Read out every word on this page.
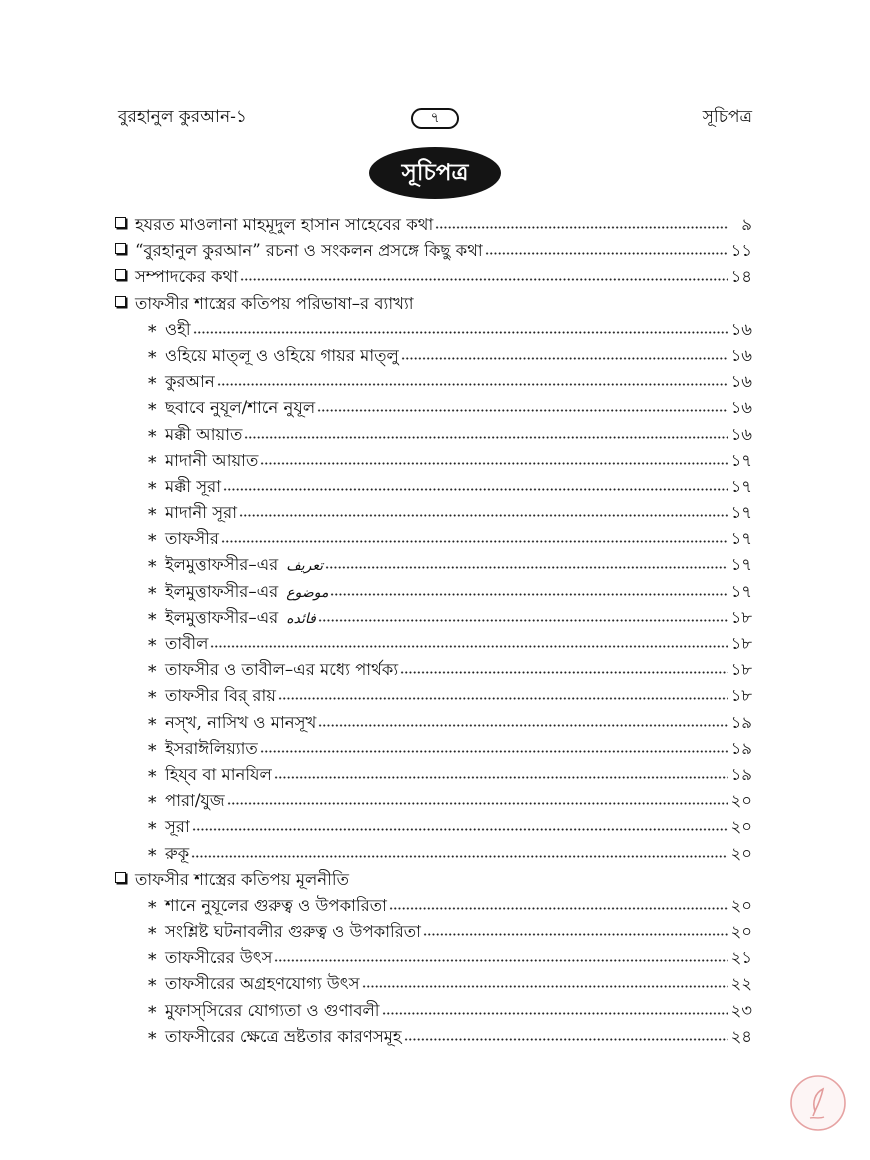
বুরহানুল কুরআন-১	৭	সূচিপত্র
সূচিপত্র
হযরত মাওলানা মাহমূদুল হাসান সাহেবের কথা	৯
“বুরহানুল কুরআন” রচনা ও সংকলন প্রসঙ্গে কিছু কথা	১১
সম্পাদকের কথা	১৪
তাফসীর শাস্ত্রের কতিপয় পরিভাষা–র ব্যাখ্যা
* ওহী	১৬
* ওহিয়ে মাত্‌লূ ও ওহিয়ে গায়র মাত্‌লু	১৬
* কুরআন	১৬
* ছবাবে নুযূল/শানে নুযূল	১৬
* মক্কী আয়াত	১৬
* মাদানী আয়াত	১৭
* মক্কী সূরা	১৭
* মাদানী সূরা	১৭
* তাফসীর	১৭
* ইলমুত্তাফসীর–এর تعريف	১৭
* ইলমুত্তাফসীর–এর موضوع	১৭
* ইলমুত্তাফসীর–এর فائده	১৮
* তাবীল	১৮
* তাফসীর ও তাবীল–এর মধ্যে পার্থক্য	১৮
* তাফসীর বির্ রায়	১৮
* নস্‌খ, নাসিখ ও মানসূখ	১৯
* ইসরাঈলিয়্যাত	১৯
* হিয্‌ব বা মানযিল	১৯
* পারা/যুজ	২০
* সূরা	২০
* রুকূ	২০
তাফসীর শাস্ত্রের কতিপয় মূলনীতি
* শানে নুযূলের গুরুত্ব ও উপকারিতা	২০
* সংশ্লিষ্ট ঘটনাবলীর গুরুত্ব ও উপকারিতা	২০
* তাফসীরের উৎস	২১
* তাফসীরের অগ্রহণযোগ্য উৎস	২২
* মুফাস্‌সিরের যোগ্যতা ও গুণাবলী	২৩
* তাফসীরের ক্ষেত্রে ভ্রষ্টতার কারণসমূহ	২৪
